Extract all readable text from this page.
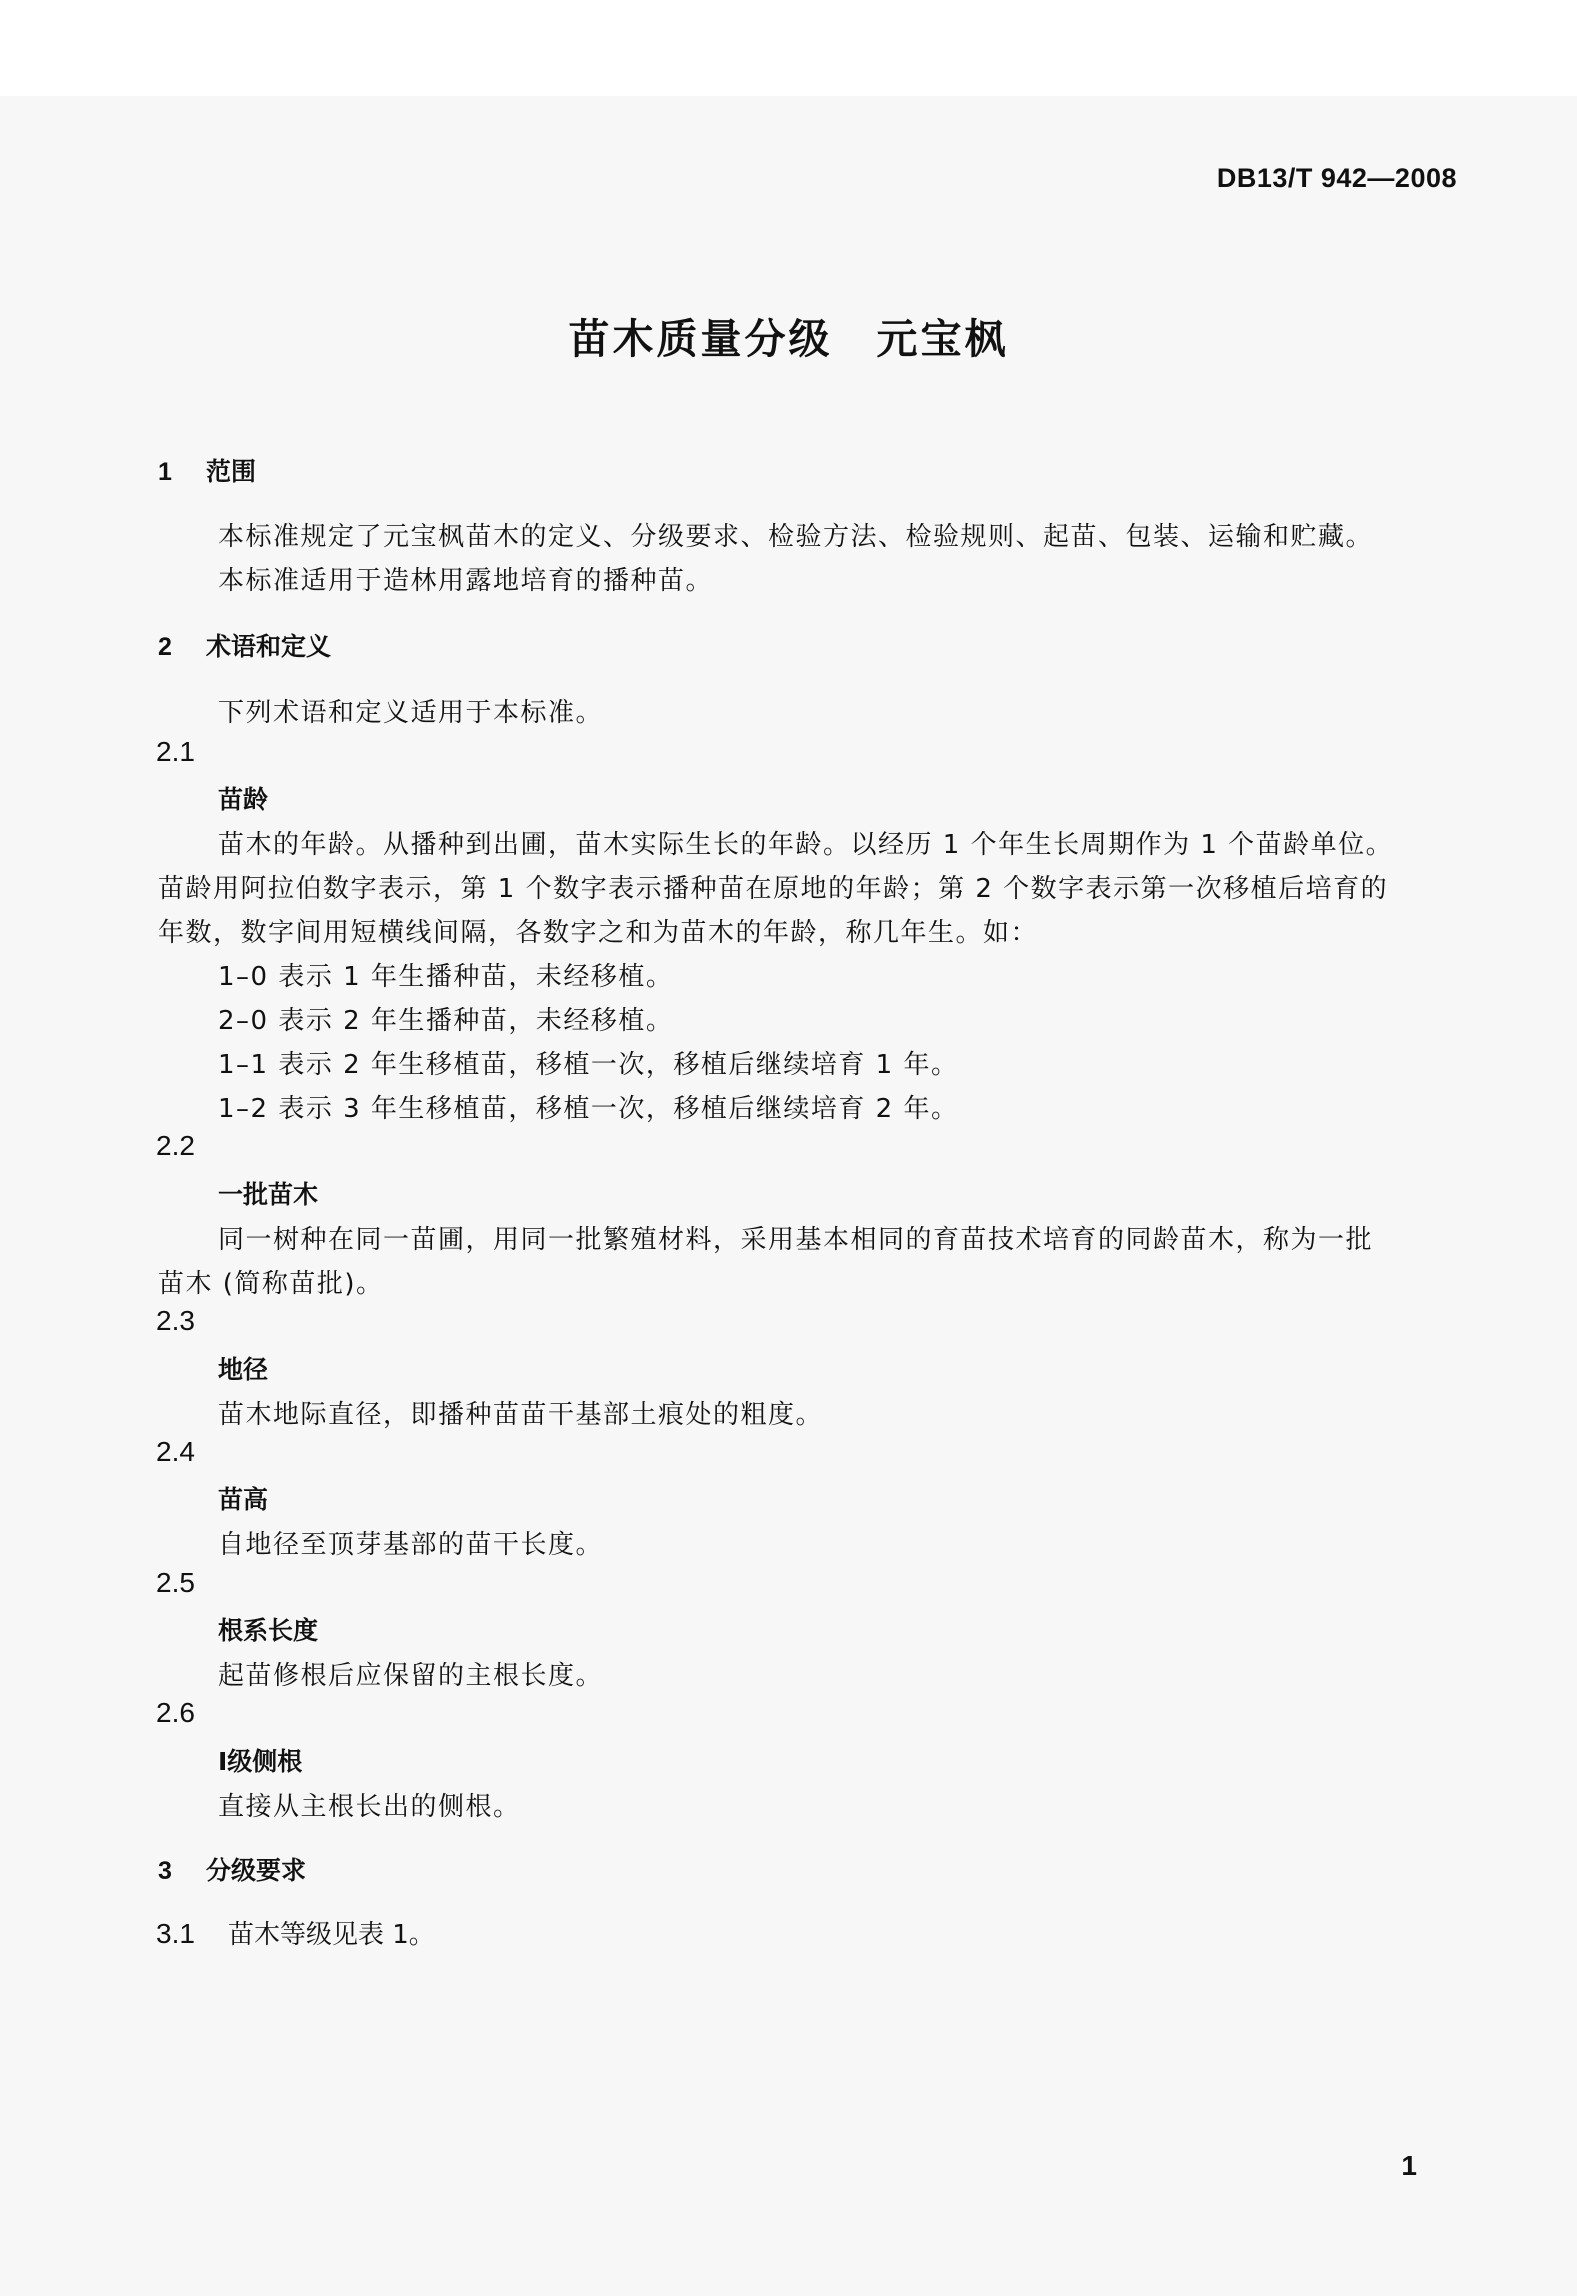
DB13/T 942—2008
苗木质量分级　元宝枫
1 范围
本标准规定了元宝枫苗木的定义、分级要求、检验方法、检验规则、起苗、包装、运输和贮藏。
本标准适用于造林用露地培育的播种苗。
2 术语和定义
下列术语和定义适用于本标准。
2.1
苗龄
苗木的年龄。从播种到出圃，苗木实际生长的年龄。以经历 1 个年生长周期作为 1 个苗龄单位。
苗龄用阿拉伯数字表示，第 1 个数字表示播种苗在原地的年龄；第 2 个数字表示第一次移植后培育的
年数，数字间用短横线间隔，各数字之和为苗木的年龄，称几年生。如：
1–0 表示 1 年生播种苗，未经移植。
2–0 表示 2 年生播种苗，未经移植。
1–1 表示 2 年生移植苗，移植一次，移植后继续培育 1 年。
1–2 表示 3 年生移植苗，移植一次，移植后继续培育 2 年。
2.2
一批苗木
同一树种在同一苗圃，用同一批繁殖材料，采用基本相同的育苗技术培育的同龄苗木，称为一批
苗木 (简称苗批)。
2.3
地径
苗木地际直径，即播种苗苗干基部土痕处的粗度。
2.4
苗高
自地径至顶芽基部的苗干长度。
2.5
根系长度
起苗修根后应保留的主根长度。
2.6
Ⅰ级侧根
直接从主根长出的侧根。
3 分级要求
3.1 苗木等级见表 1。
1
